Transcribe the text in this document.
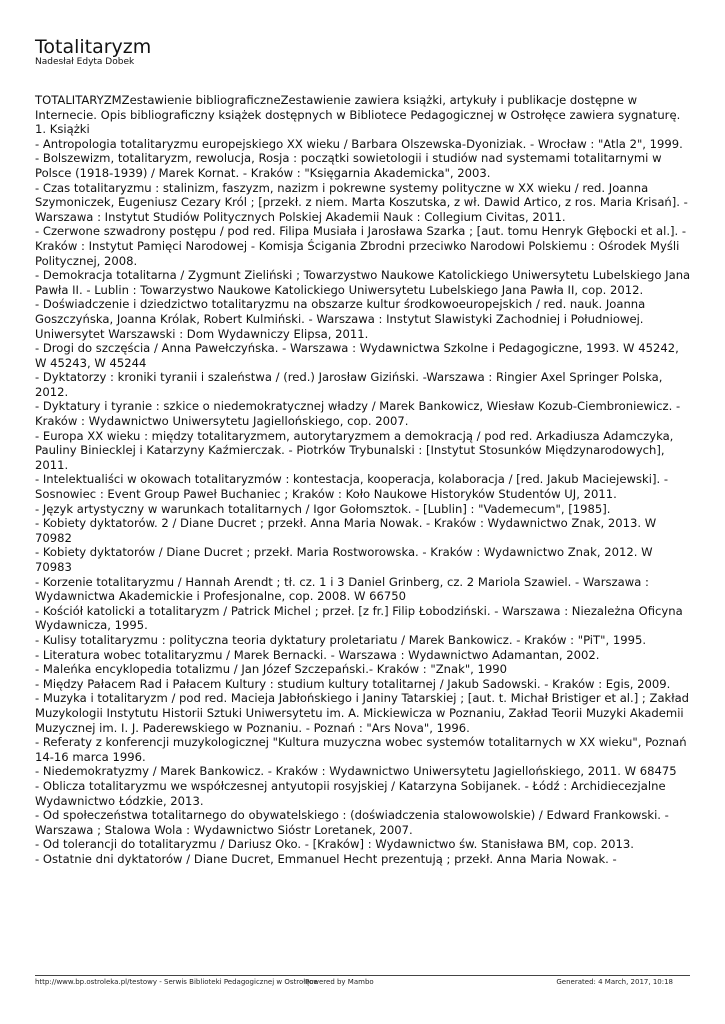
Totalitaryzm
Nadesłał Edyta Dobek
TOTALITARYZMZestawienie bibliograficzneZestawienie zawiera książki, artykuły i publikacje dostępne w Internecie. Opis bibliograficzny książek dostępnych w Bibliotece Pedagogicznej w Ostrołęce zawiera sygnaturę. 1. Książki
- Antropologia totalitaryzmu europejskiego XX wieku / Barbara Olszewska-Dyoniziak. - Wrocław : "Atla 2", 1999.
- Bolszewizm, totalitaryzm, rewolucja, Rosja : początki sowietologii i studiów nad systemami totalitarnymi w Polsce (1918-1939) / Marek Kornat. - Kraków : "Księgarnia Akademicka", 2003.
- Czas totalitaryzmu : stalinizm, faszyzm, nazizm i pokrewne systemy polityczne w XX wieku / red. Joanna Szymoniczek, Eugeniusz Cezary Król ; [przekł. z niem. Marta Koszutska, z wł. Dawid Artico, z ros. Maria Krisań]. - Warszawa : Instytut Studiów Politycznych Polskiej Akademii Nauk : Collegium Civitas, 2011.
- Czerwone szwadrony postępu / pod red. Filipa Musiała i Jarosława Szarka ; [aut. tomu Henryk Głębocki et al.]. - Kraków : Instytut Pamięci Narodowej - Komisja Ścigania Zbrodni przeciwko Narodowi Polskiemu : Ośrodek Myśli Politycznej, 2008.
- Demokracja totalitarna / Zygmunt Zieliński ; Towarzystwo Naukowe Katolickiego Uniwersytetu Lubelskiego Jana Pawła II. - Lublin : Towarzystwo Naukowe Katolickiego Uniwersytetu Lubelskiego Jana Pawła II, cop. 2012.
- Doświadczenie i dziedzictwo totalitaryzmu na obszarze kultur środkowoeuropejskich / red. nauk. Joanna Goszczyńska, Joanna Królak, Robert Kulmiński. - Warszawa : Instytut Slawistyki Zachodniej i Południowej. Uniwersytet Warszawski : Dom Wydawniczy Elipsa, 2011.
- Drogi do szczęścia / Anna Pawełczyńska. - Warszawa : Wydawnictwa Szkolne i Pedagogiczne, 1993. W 45242, W 45243, W 45244
- Dyktatorzy : kroniki tyranii i szaleństwa / (red.) Jarosław Giziński. -Warszawa : Ringier Axel Springer Polska, 2012.
- Dyktatury i tyranie : szkice o niedemokratycznej władzy / Marek Bankowicz, Wiesław Kozub-Ciembroniewicz. - Kraków : Wydawnictwo Uniwersytetu Jagiellońskiego, cop. 2007.
- Europa XX wieku : między totalitaryzmem, autorytaryzmem a demokracją / pod red. Arkadiusza Adamczyka, Pauliny Biniecklej i Katarzyny Kaźmierczak. - Piotrków Trybunalski : [Instytut Stosunków Międzynarodowych], 2011.
- Intelektualiści w okowach totalitaryzmów : kontestacja, kooperacja, kolaboracja / [red. Jakub Maciejewski]. - Sosnowiec : Event Group Paweł Buchaniec ; Kraków : Koło Naukowe Historyków Studentów UJ, 2011.
- Język artystyczny w warunkach totalitarnych / Igor Gołomsztok. - [Lublin] : "Vademecum", [1985].
- Kobiety dyktatorów. 2 / Diane Ducret ; przekł. Anna Maria Nowak. - Kraków : Wydawnictwo Znak, 2013. W 70982
- Kobiety dyktatorów / Diane Ducret ; przekł. Maria Rostworowska. - Kraków : Wydawnictwo Znak, 2012. W 70983
- Korzenie totalitaryzmu / Hannah Arendt ; tł. cz. 1 i 3 Daniel Grinberg, cz. 2 Mariola Szawiel. - Warszawa : Wydawnictwa Akademickie i Profesjonalne, cop. 2008. W 66750
- Kościół katolicki a totalitaryzm / Patrick Michel ; przeł. [z fr.] Filip Łobodziński. - Warszawa : Niezależna Oficyna Wydawnicza, 1995.
- Kulisy totalitaryzmu : polityczna teoria dyktatury proletariatu / Marek Bankowicz. - Kraków : "PiT", 1995.
- Literatura wobec totalitaryzmu / Marek Bernacki. - Warszawa : Wydawnictwo Adamantan, 2002.
- Maleńka encyklopedia totalizmu / Jan Józef Szczepański.- Kraków : "Znak", 1990
- Między Pałacem Rad i Pałacem Kultury : studium kultury totalitarnej / Jakub Sadowski. - Kraków : Egis, 2009.
- Muzyka i totalitaryzm / pod red. Macieja Jabłońskiego i Janiny Tatarskiej ; [aut. t. Michał Bristiger et al.] ; Zakład Muzykologii Instytutu Historii Sztuki Uniwersytetu im. A. Mickiewicza w Poznaniu, Zakład Teorii Muzyki Akademii Muzycznej im. I. J. Paderewskiego w Poznaniu. - Poznań : "Ars Nova", 1996.
- Referaty z konferencji muzykologicznej "Kultura muzyczna wobec systemów totalitarnych w XX wieku", Poznań 14-16 marca 1996.
- Niedemokratyzmy / Marek Bankowicz. - Kraków : Wydawnictwo Uniwersytetu Jagiellońskiego, 2011. W 68475
- Oblicza totalitaryzmu we współczesnej antyutopii rosyjskiej / Katarzyna Sobijanek. - Łódź : Archidiecezjalne Wydawnictwo Łódzkie, 2013.
- Od społeczeństwa totalitarnego do obywatelskiego : (doświadczenia stalowowolskie) / Edward Frankowski. - Warszawa ; Stalowa Wola : Wydawnictwo Sióstr Loretanek, 2007.
- Od tolerancji do totalitaryzmu / Dariusz Oko. - [Kraków] : Wydawnictwo św. Stanisława BM, cop. 2013.
- Ostatnie dni dyktatorów / Diane Ducret, Emmanuel Hecht prezentują ; przekł. Anna Maria Nowak. -
http://www.bp.ostroleka.pl/testowy - Serwis Biblioteki Pedagogicznej w Ostrołęce
Powered by Mambo	Generated: 4 March, 2017, 10:18
